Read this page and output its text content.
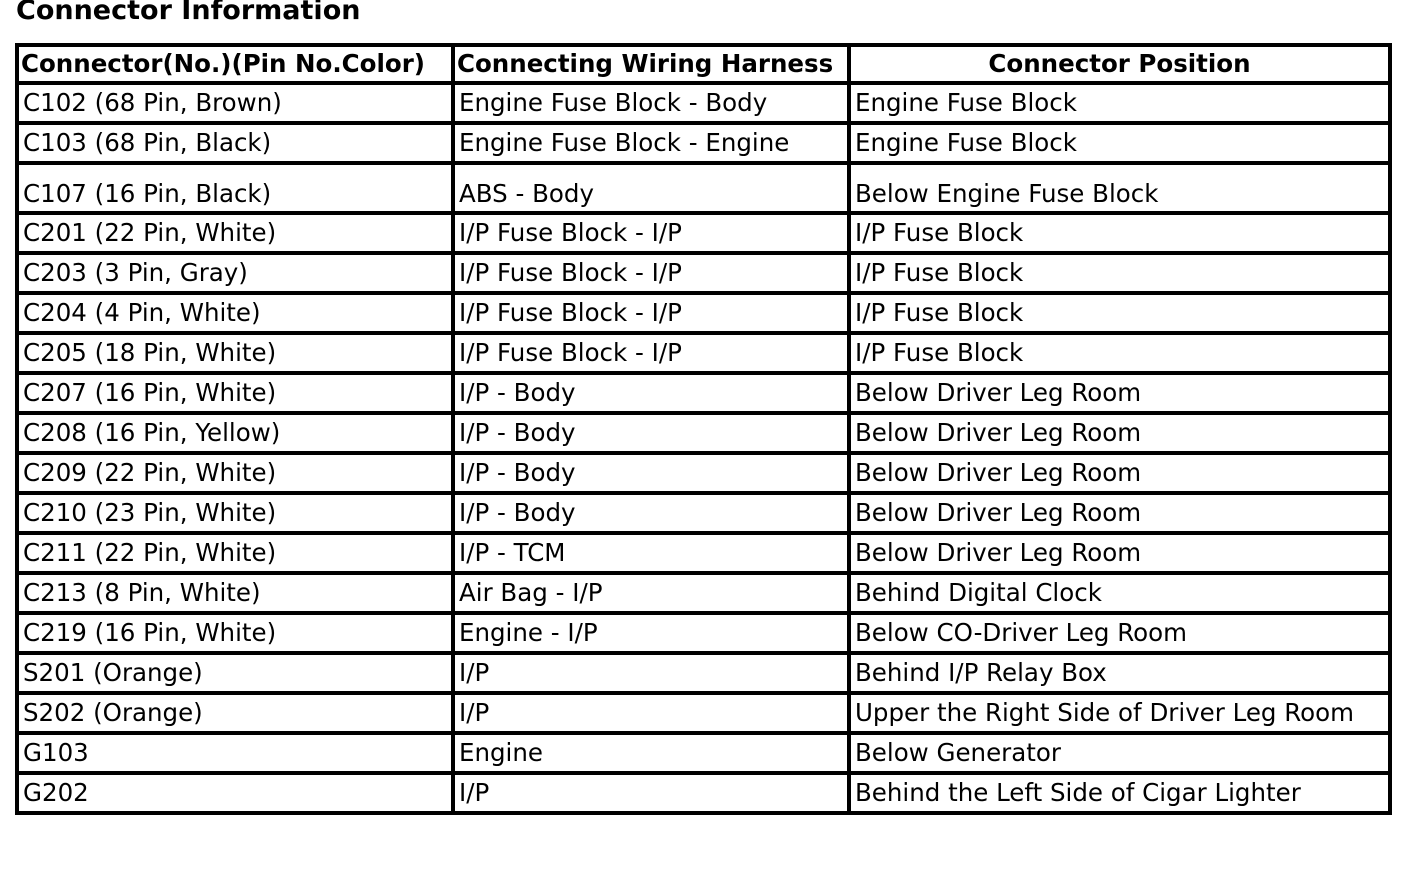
Connector Information
Connector(No.)(Pin No.Color)	Connecting Wiring Harness	Connector Position
C102 (68 Pin, Brown)	Engine Fuse Block - Body	Engine Fuse Block
C103 (68 Pin, Black)	Engine Fuse Block - Engine	Engine Fuse Block
C107 (16 Pin, Black)	ABS - Body	Below Engine Fuse Block
C201 (22 Pin, White)	I/P Fuse Block - I/P	I/P Fuse Block
C203 (3 Pin, Gray)	I/P Fuse Block - I/P	I/P Fuse Block
C204 (4 Pin, White)	I/P Fuse Block - I/P	I/P Fuse Block
C205 (18 Pin, White)	I/P Fuse Block - I/P	I/P Fuse Block
C207 (16 Pin, White)	I/P - Body	Below Driver Leg Room
C208 (16 Pin, Yellow)	I/P - Body	Below Driver Leg Room
C209 (22 Pin, White)	I/P - Body	Below Driver Leg Room
C210 (23 Pin, White)	I/P - Body	Below Driver Leg Room
C211 (22 Pin, White)	I/P - TCM	Below Driver Leg Room
C213 (8 Pin, White)	Air Bag - I/P	Behind Digital Clock
C219 (16 Pin, White)	Engine - I/P	Below CO-Driver Leg Room
S201 (Orange)	I/P	Behind I/P Relay Box
S202 (Orange)	I/P	Upper the Right Side of Driver Leg Room
G103	Engine	Below Generator
G202	I/P	Behind the Left Side of Cigar Lighter
